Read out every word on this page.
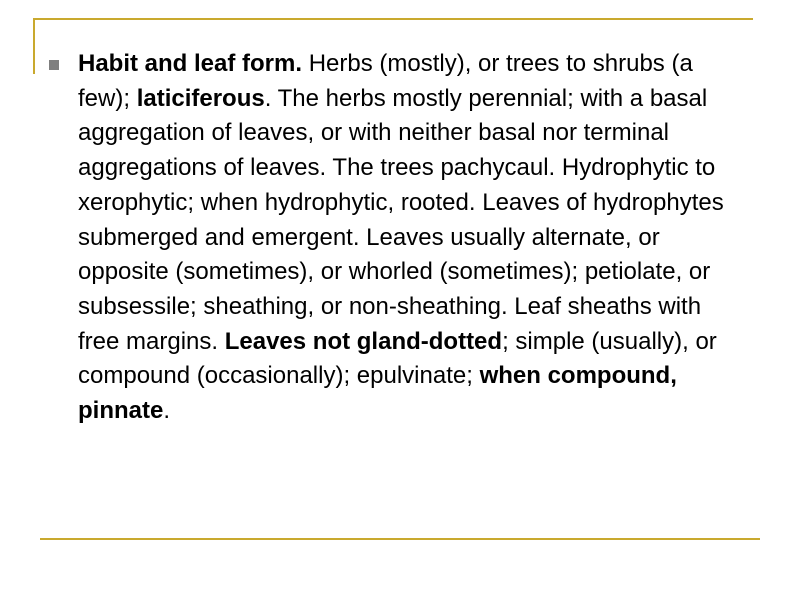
Habit and leaf form. Herbs (mostly), or trees to shrubs (a few); laticiferous. The herbs mostly perennial; with a basal aggregation of leaves, or with neither basal nor terminal aggregations of leaves. The trees pachycaul. Hydrophytic to xerophytic; when hydrophytic, rooted. Leaves of hydrophytes submerged and emergent. Leaves usually alternate, or opposite (sometimes), or whorled (sometimes); petiolate, or subsessile; sheathing, or non-sheathing. Leaf sheaths with free margins. Leaves not gland-dotted; simple (usually), or compound (occasionally); epulvinate; when compound, pinnate.
